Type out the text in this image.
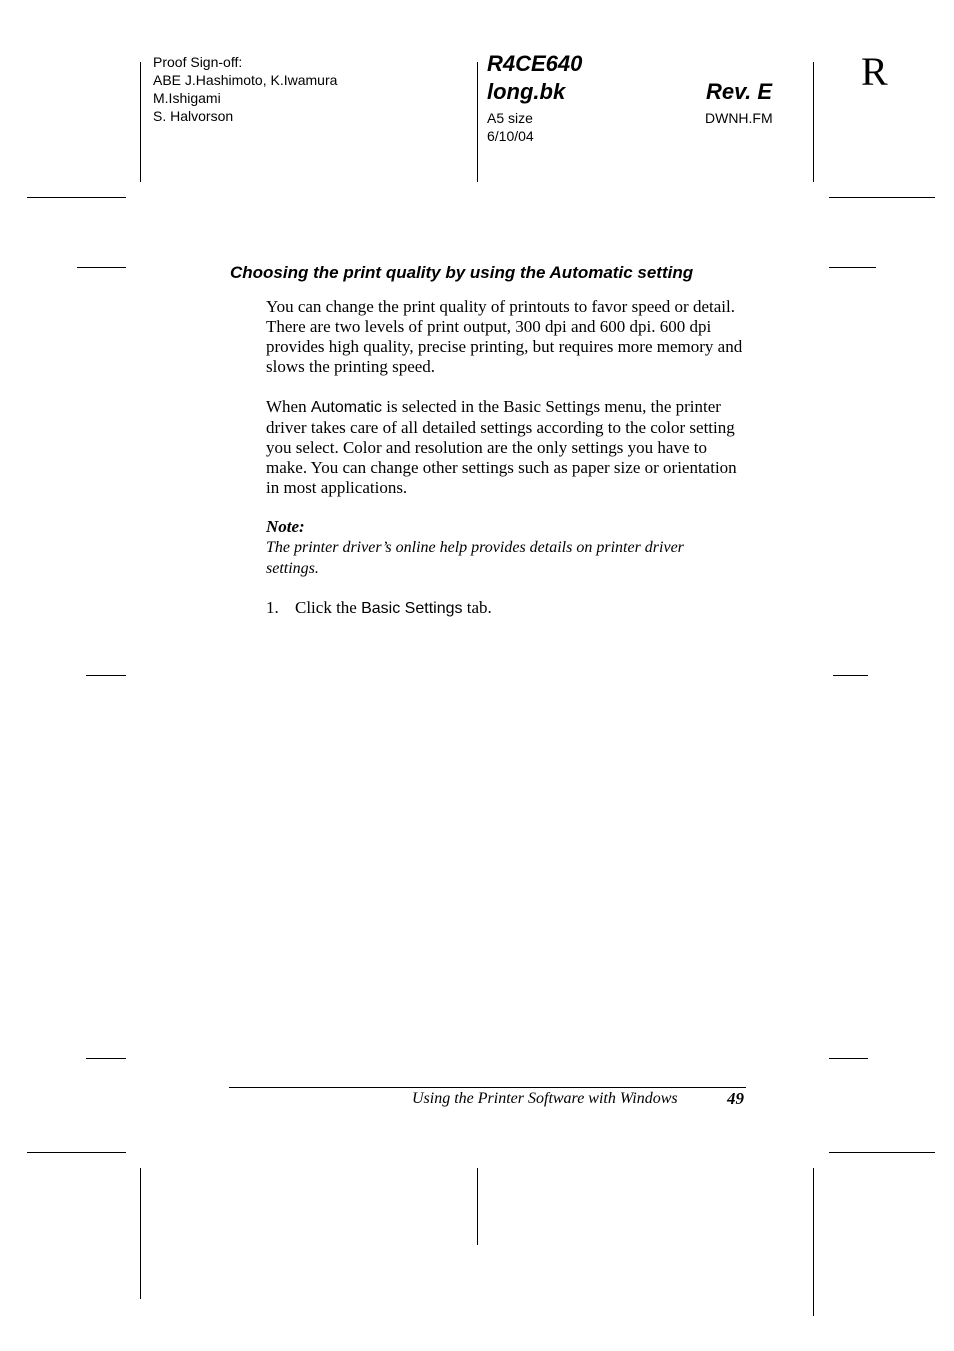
Proof Sign-off:
ABE J.Hashimoto, K.Iwamura
M.Ishigami
S. Halvorson
R4CE640
long.bk
A5 size
6/10/04
Rev. E
DWNH.FM
R
Choosing the print quality by using the Automatic setting

You can change the print quality of printouts to favor speed or detail. There are two levels of print output, 300 dpi and 600 dpi. 600 dpi provides high quality, precise printing, but requires more memory and slows the printing speed.

When Automatic is selected in the Basic Settings menu, the printer driver takes care of all detailed settings according to the color setting you select. Color and resolution are the only settings you have to make. You can change other settings such as paper size or orientation in most applications.

Note:
The printer driver’s online help provides details on printer driver settings.
1. Click the Basic Settings tab.
Using the Printer Software with Windows	49
